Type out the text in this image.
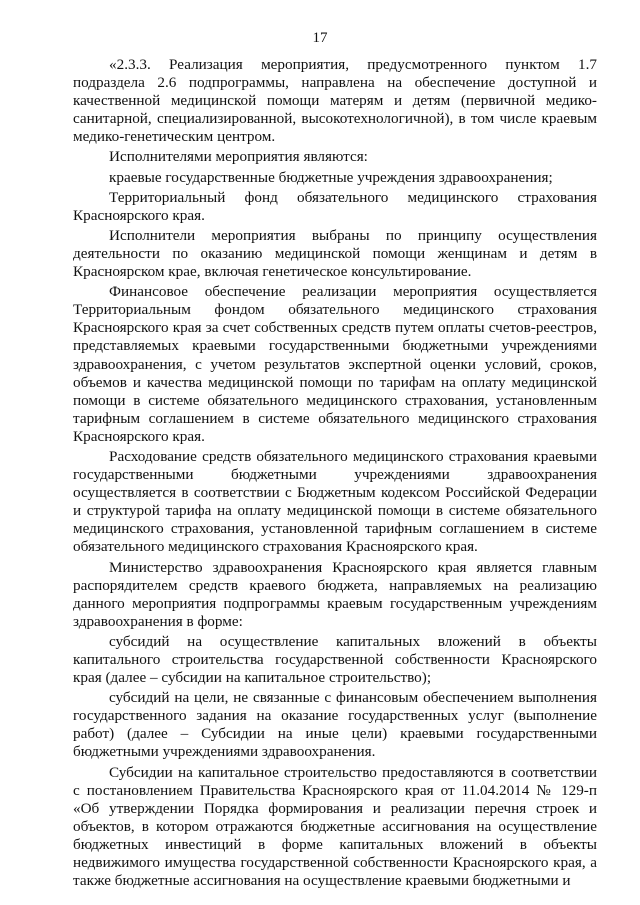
17

«2.3.3. Реализация мероприятия, предусмотренного пунктом 1.7 подраздела 2.6 подпрограммы, направлена на обеспечение доступной и качественной медицинской помощи матерям и детям (первичной медико-санитарной, специализированной, высокотехнологичной), в том числе краевым медико-генетическим центром.

Исполнителями мероприятия являются:

краевые государственные бюджетные учреждения здравоохранения;

Территориальный фонд обязательного медицинского страхования Красноярского края.

Исполнители мероприятия выбраны по принципу осуществления деятельности по оказанию медицинской помощи женщинам и детям в Красноярском крае, включая генетическое консультирование.

Финансовое обеспечение реализации мероприятия осуществляется Территориальным фондом обязательного медицинского страхования Красноярского края за счет собственных средств путем оплаты счетов-реестров, представляемых краевыми государственными бюджетными учреждениями здравоохранения, с учетом результатов экспертной оценки условий, сроков, объемов и качества медицинской помощи по тарифам на оплату медицинской помощи в системе обязательного медицинского страхования, установленным тарифным соглашением в системе обязательного медицинского страхования Красноярского края.

Расходование средств обязательного медицинского страхования краевыми государственными бюджетными учреждениями здравоохранения осуществляется в соответствии с Бюджетным кодексом Российской Федерации и структурой тарифа на оплату медицинской помощи в системе обязательного медицинского страхования, установленной тарифным соглашением в системе обязательного медицинского страхования Красноярского края.

Министерство здравоохранения Красноярского края является главным распорядителем средств краевого бюджета, направляемых на реализацию данного мероприятия подпрограммы краевым государственным учреждениям здравоохранения в форме:

субсидий на осуществление капитальных вложений в объекты капитального строительства государственной собственности Красноярского края (далее – субсидии на капитальное строительство);

субсидий на цели, не связанные с финансовым обеспечением выполнения государственного задания на оказание государственных услуг (выполнение работ) (далее – Субсидии на иные цели) краевыми государственными бюджетными учреждениями здравоохранения.

Субсидии на капитальное строительство предоставляются в соответствии с постановлением Правительства Красноярского края от 11.04.2014 № 129-п «Об утверждении Порядка формирования и реализации перечня строек и объектов, в котором отражаются бюджетные ассигнования на осуществление бюджетных инвестиций в форме капитальных вложений в объекты недвижимого имущества государственной собственности Красноярского края, а также бюджетные ассигнования на осуществление краевыми бюджетными и
